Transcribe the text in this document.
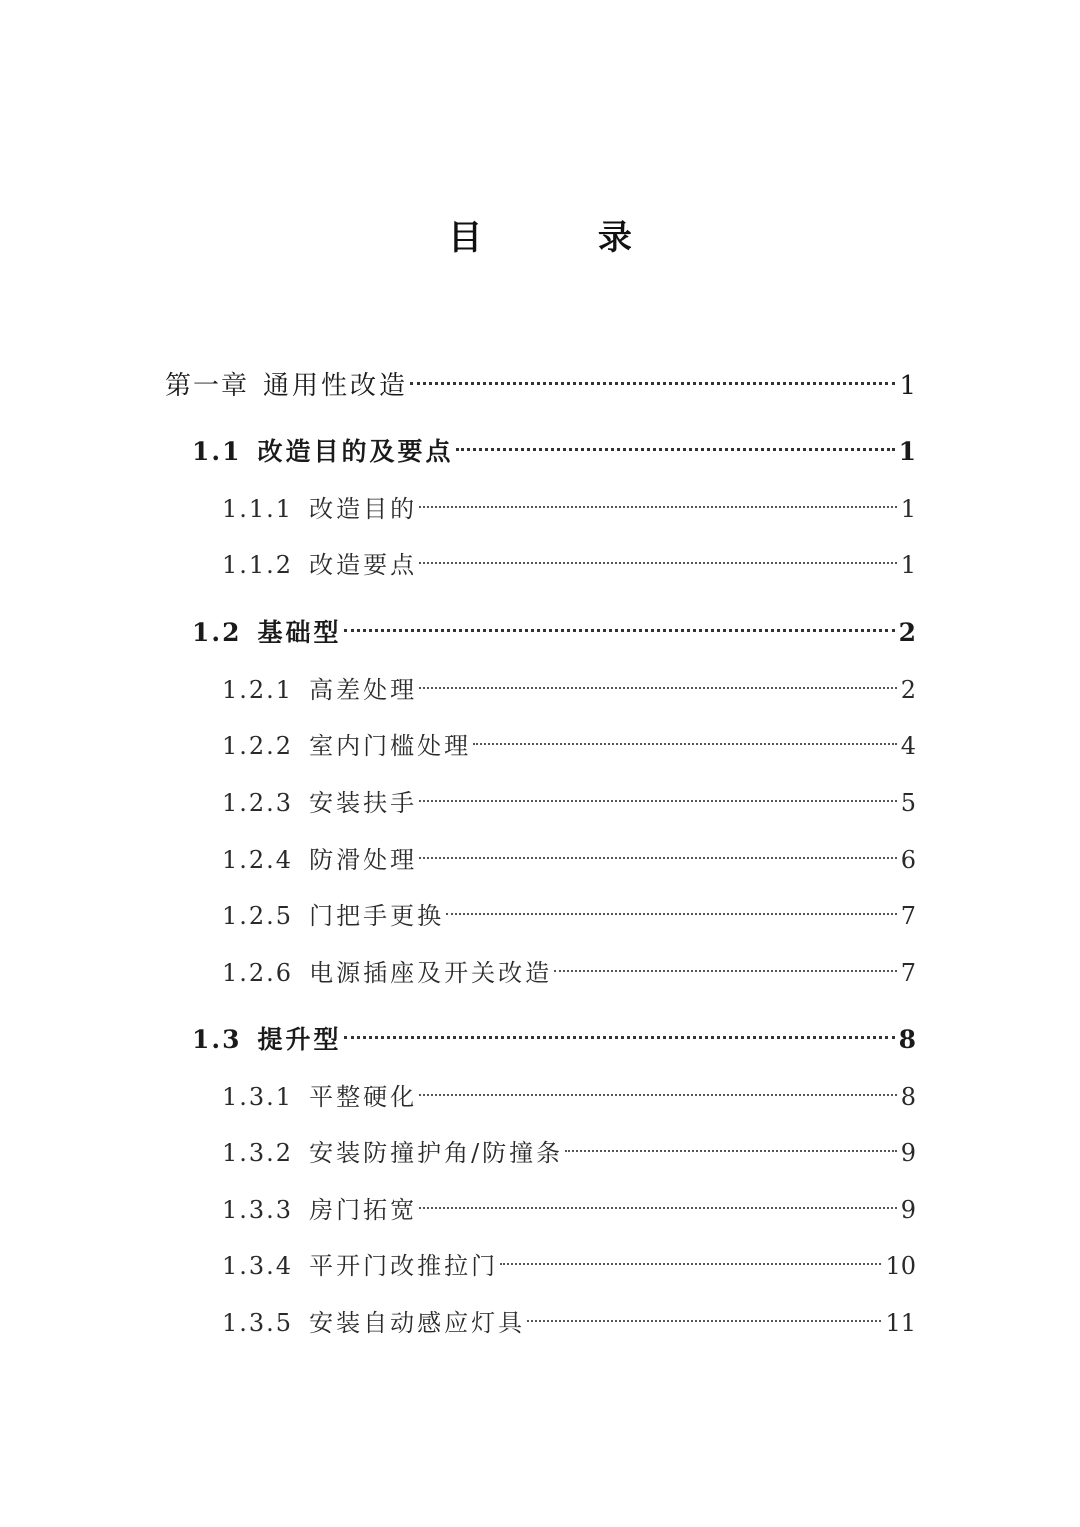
目 录
第一章 通用性改造	1
1.1 改造目的及要点	1
1.1.1 改造目的	1
1.1.2 改造要点	1
1.2 基础型	2
1.2.1 高差处理	2
1.2.2 室内门槛处理	4
1.2.3 安装扶手	5
1.2.4 防滑处理	6
1.2.5 门把手更换	7
1.2.6 电源插座及开关改造	7
1.3 提升型	8
1.3.1 平整硬化	8
1.3.2 安装防撞护角/防撞条	9
1.3.3 房门拓宽	9
1.3.4 平开门改推拉门	10
1.3.5 安装自动感应灯具	11
